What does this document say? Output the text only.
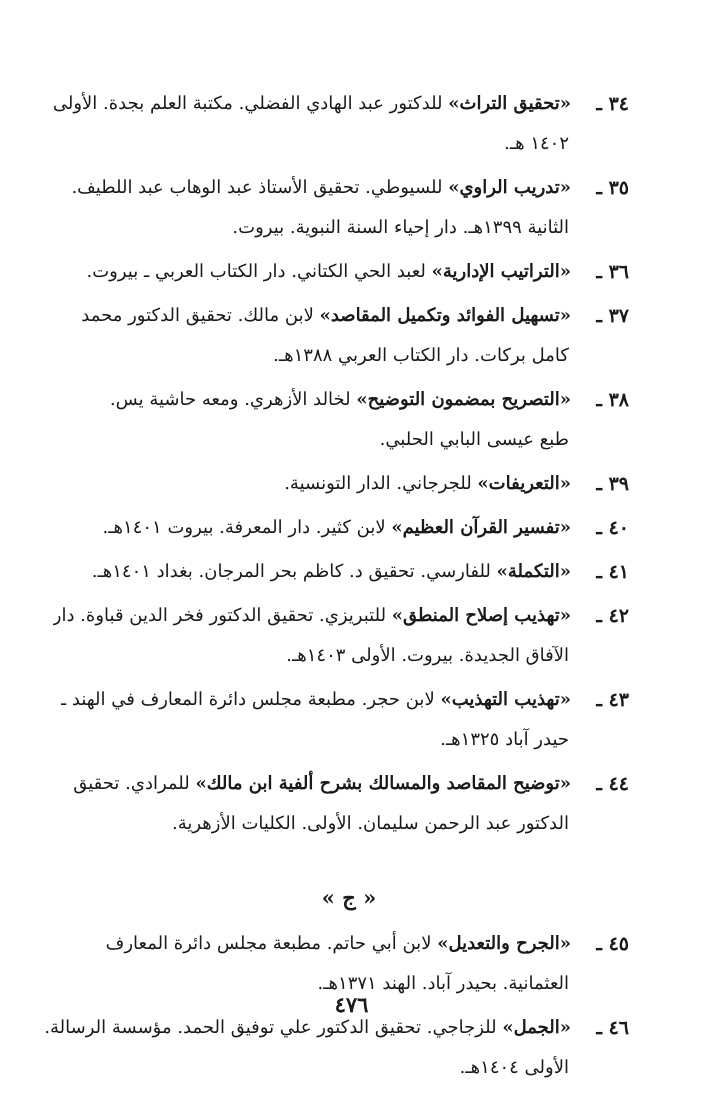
٣٤ ـ
«تحقيق التراث» للدكتور عبد الهادي الفضلي. مكتبة العلم بجدة. الأولى
١٤٠٢ هـ.
٣٥ ـ
«تدريب الراوي» للسيوطي. تحقيق الأستاذ عبد الوهاب عبد اللطيف.
الثانية ١٣٩٩هـ. دار إحياء السنة النبوية. بيروت.
٣٦ ـ
«التراتيب الإدارية» لعبد الحي الكتاني. دار الكتاب العربي ـ بيروت.
٣٧ ـ
«تسهيل الفوائد وتكميل المقاصد» لابن مالك. تحقيق الدكتور محمد
كامل بركات. دار الكتاب العربي ١٣٨٨هـ.
٣٨ ـ
«التصريح بمضمون التوضيح» لخالد الأزهري. ومعه حاشية يس.
طبع عيسى البابي الحلبي.
٣٩ ـ
«التعريفات» للجرجاني. الدار التونسية.
٤٠ ـ
«تفسير القرآن العظيم» لابن كثير. دار المعرفة. بيروت ١٤٠١هـ.
٤١ ـ
«التكملة» للفارسي. تحقيق د. كاظم بحر المرجان. بغداد ١٤٠١هـ.
٤٢ ـ
«تهذيب إصلاح المنطق» للتبريزي. تحقيق الدكتور فخر الدين قباوة. دار
الآفاق الجديدة. بيروت. الأولى ١٤٠٣هـ.
٤٣ ـ
«تهذيب التهذيب» لابن حجر. مطبعة مجلس دائرة المعارف في الهند ـ
حيدر آباد ١٣٢٥هـ.
٤٤ ـ
«توضيح المقاصد والمسالك بشرح ألفية ابن مالك» للمرادي. تحقيق
الدكتور عبد الرحمن سليمان. الأولى. الكليات الأزهرية.
« ج »
٤٥ ـ
«الجرح والتعديل» لابن أبي حاتم. مطبعة مجلس دائرة المعارف
العثمانية. بحيدر آباد. الهند ١٣٧١هـ.
٤٦ ـ
«الجمل» للزجاجي. تحقيق الدكتور علي توفيق الحمد. مؤسسة الرسالة.
الأولى ١٤٠٤هـ.
٤٧٦
